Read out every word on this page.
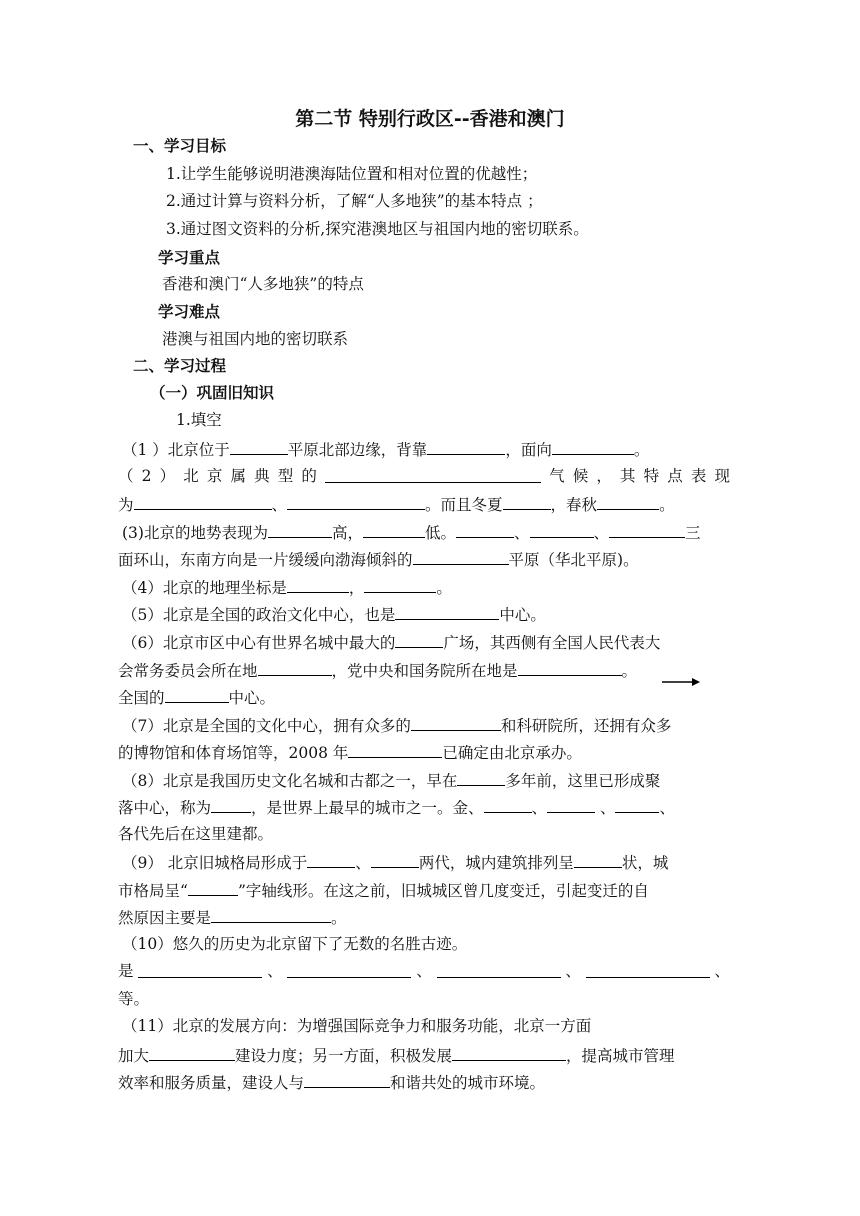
第二节 特别行政区--香港和澳门
一、学习目标
1.让学生能够说明港澳海陆位置和相对位置的优越性；
2.通过计算与资料分析，了解“人多地狭”的基本特点 ；
3.通过图文资料的分析,探究港澳地区与祖国内地的密切联系。
学习重点
香港和澳门“人多地狭”的特点
学习难点
港澳与祖国内地的密切联系
二、学习过程
（一）巩固旧知识
1.填空
（1 ）北京位于	平原北部边缘，背靠	，面向	。
（ 2 ） 北 京 属 典 型 的	气 候 ， 其 特 点 表 现
为	、	。而且冬夏	，春秋	。
(3)北京的地势表现为	高，	低。	、	、	三
面环山，东南方向是一片缓缓向渤海倾斜的	平原（华北平原)。
（4）北京的地理坐标是	，	。
（5）北京是全国的政治文化中心，也是	中心。
（6）北京市区中心有世界名城中最大的	广场，其西侧有全国人民代表大
会常务委员会所在地	，党中央和国务院所在地是	。
全国的	中心。
（7）北京是全国的文化中心，拥有众多的	和科研院所，还拥有众多
的博物馆和体育场馆等，2008 年	已确定由北京承办。
（8）北京是我国历史文化名城和古都之一，早在	多年前，这里已形成聚
落中心，称为	，是世界上最早的城市之一。金、	、	、	、
各代先后在这里建都。
（9） 北京旧城格局形成于	、	两代，城内建筑排列呈	状，城
市格局呈“	”字轴线形。在这之前，旧城城区曾几度变迁，引起变迁的自
然原因主要是	。
（10）悠久的历史为北京留下了无数的名胜古迹。
是	、	、	、	、
等。
（11）北京的发展方向：为增强国际竞争力和服务功能，北京一方面
加大	建设力度；另一方面，积极发展	，提高城市管理
效率和服务质量，建设人与	和谐共处的城市环境。
